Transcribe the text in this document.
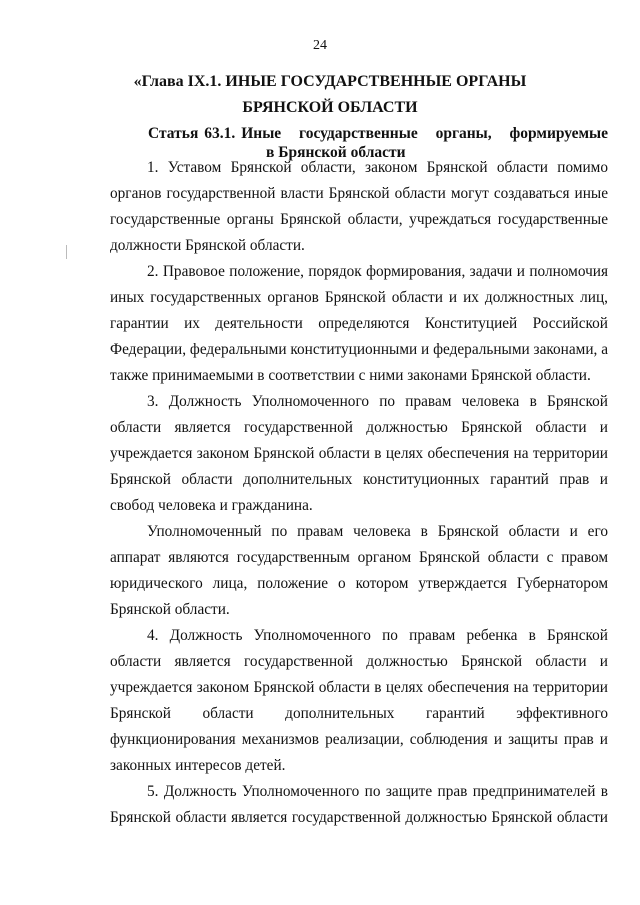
24
«Глава IX.1. ИНЫЕ ГОСУДАРСТВЕННЫЕ ОРГАНЫ
БРЯНСКОЙ ОБЛАСТИ
Статья 63.1. Иные государственные органы, формируемые
в Брянской области

1. Уставом Брянской области, законом Брянской области помимо органов государственной власти Брянской области могут создаваться иные государственные органы Брянской области, учреждаться государственные должности Брянской области.

2. Правовое положение, порядок формирования, задачи и полномочия иных государственных органов Брянской области и их должностных лиц, гарантии их деятельности определяются Конституцией Российской Федерации, федеральными конституционными и федеральными законами, а также принимаемыми в соответствии с ними законами Брянской области.

3. Должность Уполномоченного по правам человека в Брянской области является государственной должностью Брянской области и учреждается законом Брянской области в целях обеспечения на территории Брянской области дополнительных конституционных гарантий прав и свобод человека и гражданина.

Уполномоченный по правам человека в Брянской области и его аппарат являются государственным органом Брянской области с правом юридического лица, положение о котором утверждается Губернатором Брянской области.

4. Должность Уполномоченного по правам ребенка в Брянской области является государственной должностью Брянской области и учреждается законом Брянской области в целях обеспечения на территории Брянской области дополнительных гарантий эффективного функционирования механизмов реализации, соблюдения и защиты прав и законных интересов детей.

5. Должность Уполномоченного по защите прав предпринимателей в Брянской области является государственной должностью Брянской области
